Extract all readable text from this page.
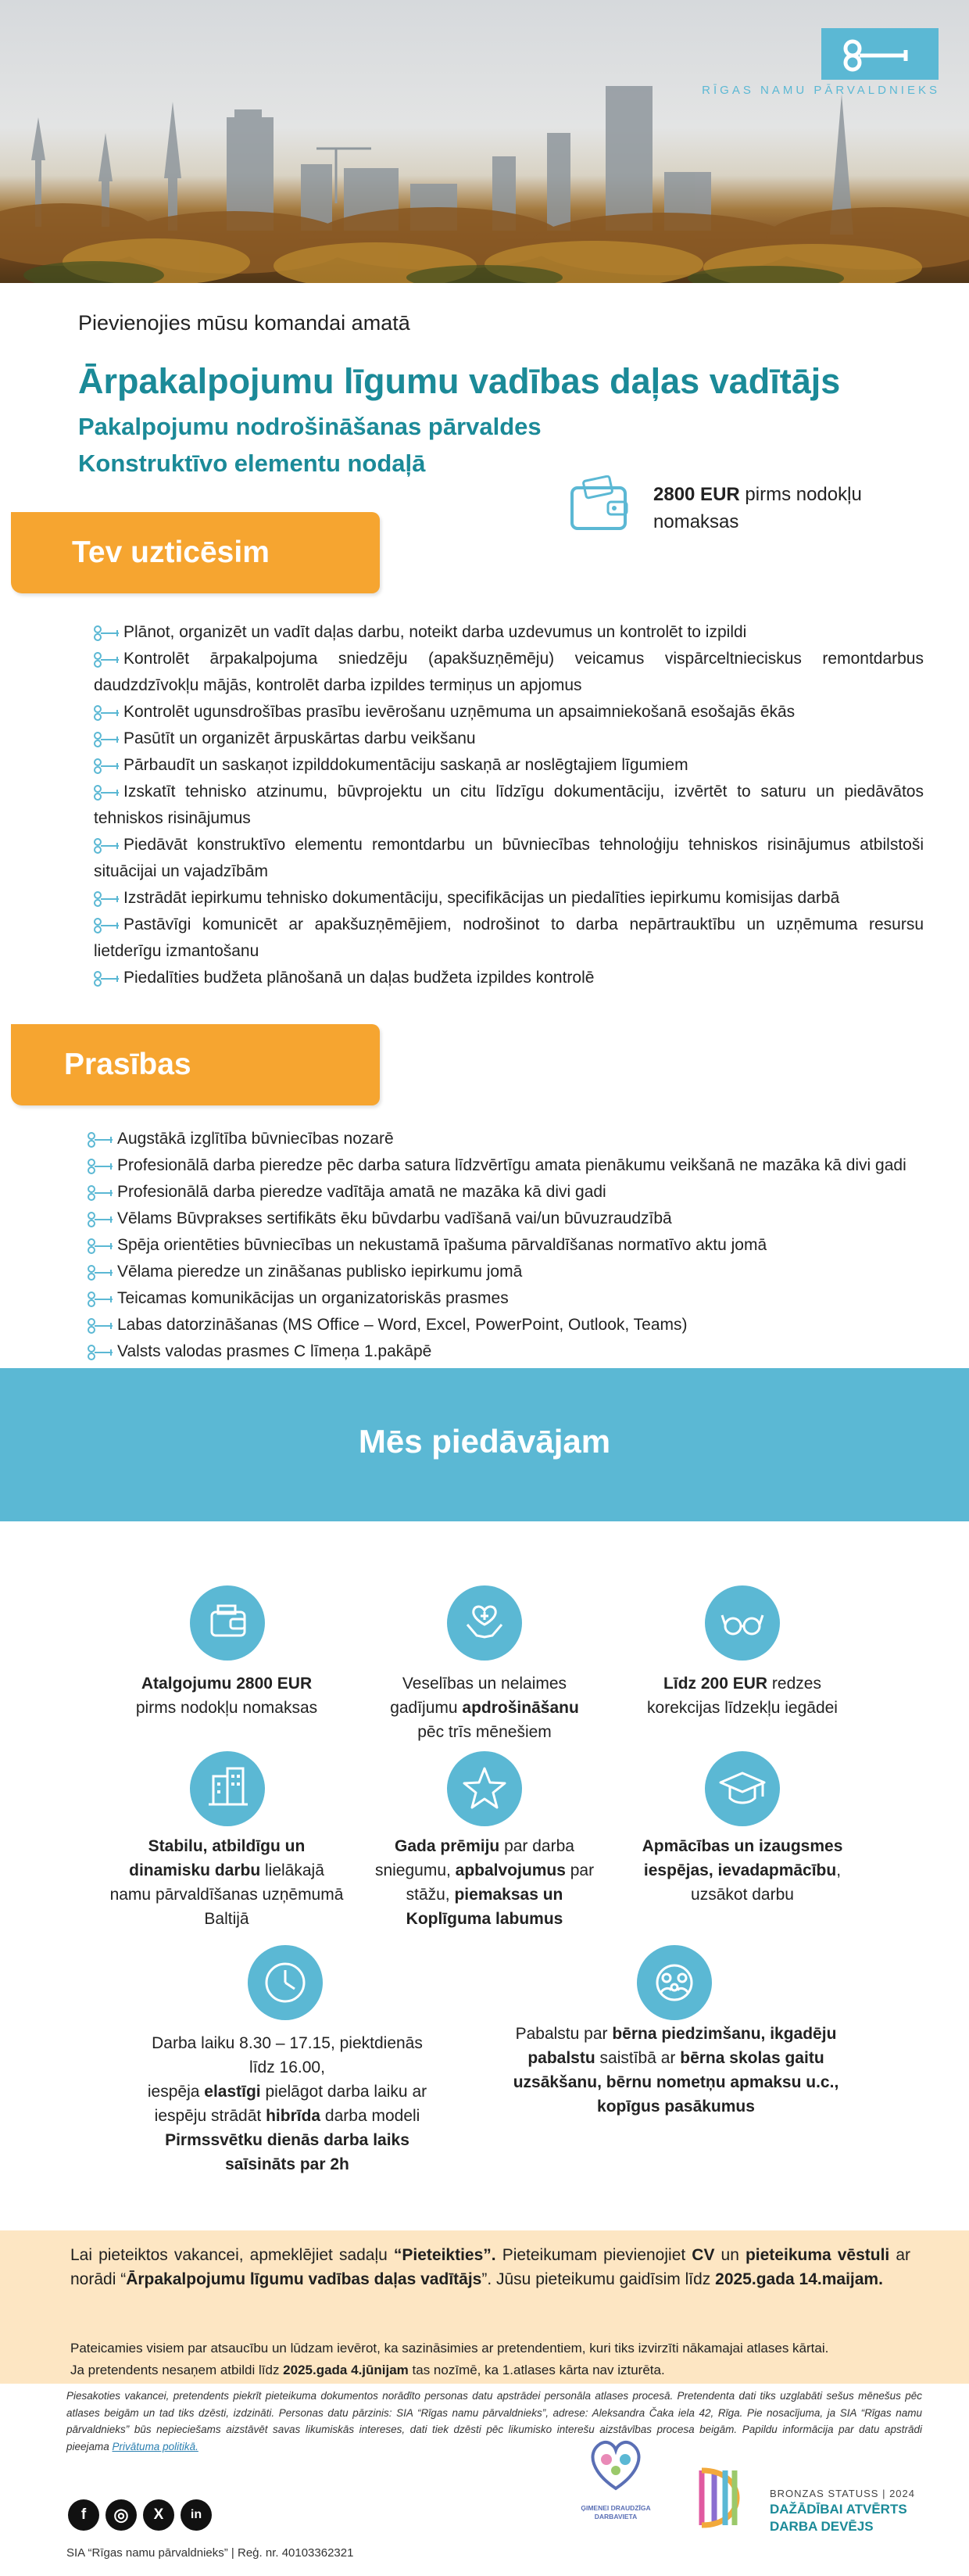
RĪGAS NAMU PĀRVALDNIEKS
Pievienojies mūsu komandai amatā
Ārpakalpojumu līgumu vadības daļas vadītājs
Pakalpojumu nodrošināšanas pārvaldes
Konstruktīvo elementu nodaļā
2800 EUR pirms nodokļu nomaksas
Tev uzticēsim
Plānot, organizēt un vadīt daļas darbu, noteikt darba uzdevumus un kontrolēt to izpildi
Kontrolēt ārpakalpojuma sniedzēju (apakšuzņēmēju) veicamus vispārceltnieciskus remontdarbus daudzdzīvokļu mājās, kontrolēt darba izpildes termiņus un apjomus
Kontrolēt ugunsdrošības prasību ievērošanu uzņēmuma un apsaimniekošanā esošajās ēkās
Pasūtīt un organizēt ārpuskārtas darbu veikšanu
Pārbaudīt un saskaņot izpilddokumentāciju saskaņā ar noslēgtajiem līgumiem
Izskatīt tehnisko atzinumu, būvprojektu un citu līdzīgu dokumentāciju, izvērtēt to saturu un piedāvātos tehniskos risinājumus
Piedāvāt konstruktīvo elementu remontdarbu un būvniecības tehnoloģiju tehniskos risinājumus atbilstoši situācijai un vajadzībām
Izstrādāt iepirkumu tehnisko dokumentāciju, specifikācijas un piedalīties iepirkumu komisijas darbā
Pastāvīgi komunicēt ar apakšuzņēmējiem, nodrošinot to darba nepārtrauktību un uzņēmuma resursu lietderīgu izmantošanu
Piedalīties budžeta plānošanā un daļas budžeta izpildes kontrolē
Prasības
Augstākā izglītība būvniecības nozarē
Profesionālā darba pieredze pēc darba satura līdzvērtīgu amata pienākumu veikšanā ne mazāka kā divi gadi
Profesionālā darba pieredze vadītāja amatā ne mazāka kā divi gadi
Vēlams Būvprakses sertifikāts ēku būvdarbu vadīšanā vai/un būvuzraudzībā
Spēja orientēties būvniecības un nekustamā īpašuma pārvaldīšanas normatīvo aktu jomā
Vēlama pieredze un zināšanas publisko iepirkumu jomā
Teicamas komunikācijas un organizatoriskās prasmes
Labas datorzināšanas (MS Office – Word, Excel, PowerPoint, Outlook, Teams)
Valsts valodas prasmes C līmeņa 1.pakāpē
Mēs piedāvājam
Atalgojumu 2800 EUR
pirms nodokļu nomaksas
Veselības un nelaimes gadījumu apdrošināšanu pēc trīs mēnešiem
Līdz 200 EUR redzes korekcijas līdzekļu iegādei
Stabilu, atbildīgu un dinamisku darbu lielākajā namu pārvaldīšanas uzņēmumā Baltijā
Gada prēmiju par darba sniegumu, apbalvojumus par stāžu, piemaksas un Koplīguma labumus
Apmācības un izaugsmes iespējas, ievadapmācību, uzsākot darbu
Darba laiku 8.30 – 17.15, piektdienās līdz 16.00,
iespēja elastīgi pielāgot darba laiku ar iespēju strādāt hibrīda darba modeli
Pirmssvētku dienās darba laiks saīsināts par 2h
Pabalstu par bērna piedzimšanu, ikgadēju pabalstu saistībā ar bērna skolas gaitu uzsākšanu, bērnu nometņu apmaksu u.c., kopīgus pasākumus
Lai pieteiktos vakancei, apmeklējiet sadaļu “Pieteikties”. Pieteikumam pievienojiet CV un pieteikuma vēstuli ar norādi “Ārpakalpojumu līgumu vadības daļas vadītājs”. Jūsu pieteikumu gaidīsim līdz 2025.gada 14.maijam.
Pateicamies visiem par atsaucību un lūdzam ievērot, ka sazināsimies ar pretendentiem, kuri tiks izvirzīti nākamajai atlases kārtai.
Ja pretendents nesaņem atbildi līdz 2025.gada 4.jūnijam tas nozīmē, ka 1.atlases kārta nav izturēta.
Piesakoties vakancei, pretendents piekrīt pieteikuma dokumentos norādīto personas datu apstrādei personāla atlases procesā. Pretendenta dati tiks uzglabāti sešus mēnešus pēc atlases beigām un tad tiks dzēsti, izdzināti. Personas datu pārzinis: SIA “Rīgas namu pārvaldnieks”, adrese: Aleksandra Čaka iela 42, Rīga. Pie nosacījuma, ja SIA “Rīgas namu pārvaldnieks” būs nepieciešams aizstāvēt savas likumiskās intereses, dati tiek dzēsti pēc likumisko interešu aizstāvības procesa beigām. Papildu informācija par datu apstrādi pieejama Privātuma politikā.
f	◎	X	in
SIA “Rīgas namu pārvaldnieks” | Reģ. nr. 40103362321
ĢIMENEI DRAUDZĪGA DARBAVIETA
BRONZAS STATUSS | 2024
DAŽĀDĪBAI ATVĒRTS
DARBA DEVĒJS
